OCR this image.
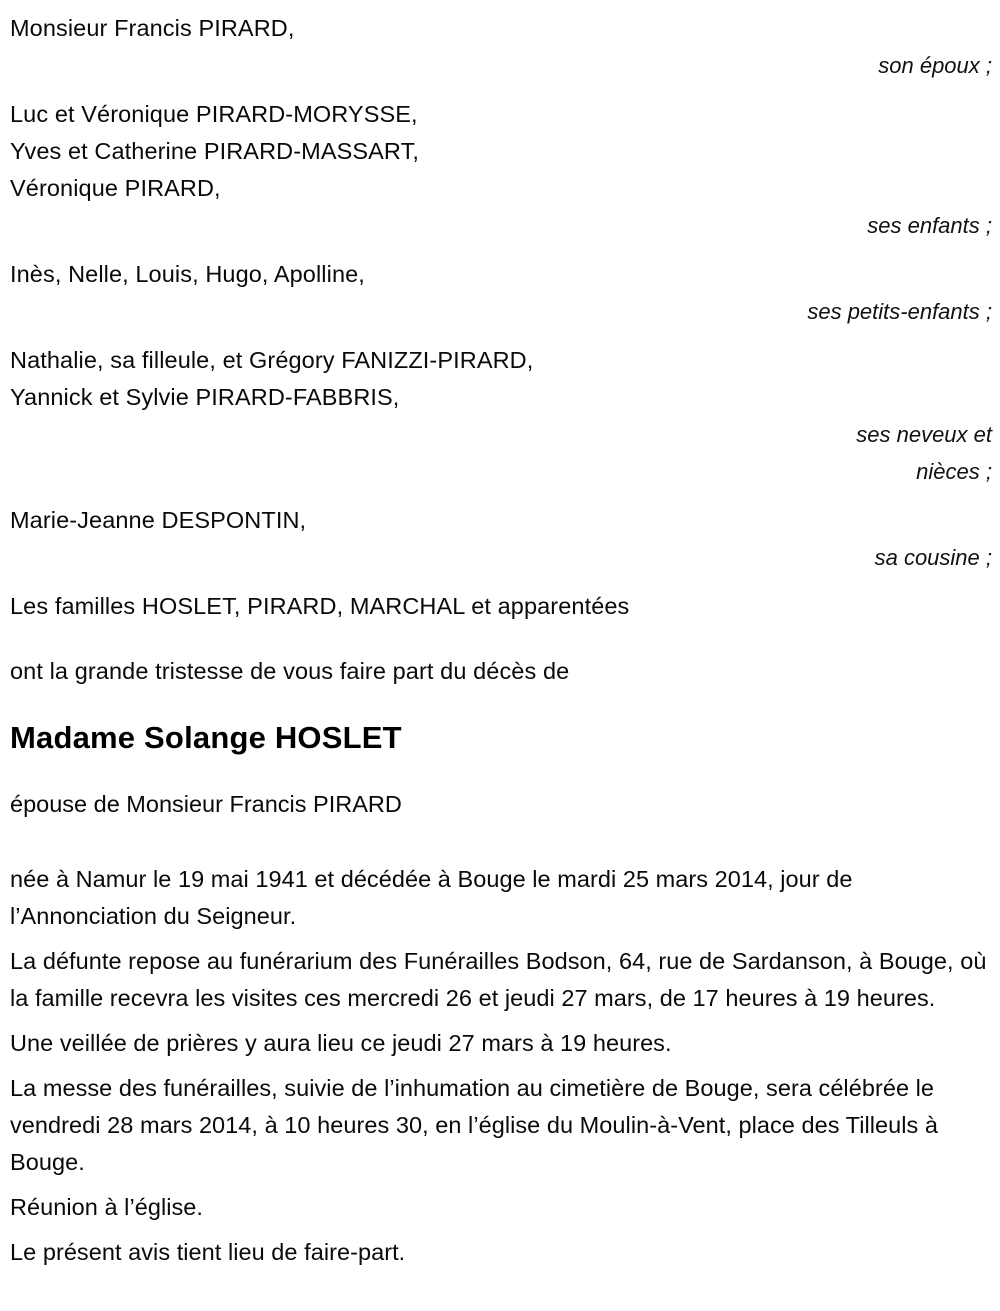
Monsieur Francis PIRARD,
son époux ;
Luc et Véronique PIRARD-MORYSSE,
Yves et Catherine PIRARD-MASSART,
Véronique PIRARD,
ses enfants ;
Inès, Nelle, Louis, Hugo, Apolline,
ses petits-enfants ;
Nathalie, sa filleule, et Grégory FANIZZI-PIRARD,
Yannick et Sylvie PIRARD-FABBRIS,
ses neveux et nièces ;
Marie-Jeanne DESPONTIN,
sa cousine ;
Les familles HOSLET, PIRARD, MARCHAL et apparentées
ont la grande tristesse de vous faire part du décès de
Madame Solange HOSLET
épouse de Monsieur Francis PIRARD
née à Namur le 19 mai 1941 et décédée à Bouge le mardi 25 mars 2014, jour de l’Annonciation du Seigneur.
La défunte repose au funérarium des Funérailles Bodson, 64, rue de Sardanson, à Bouge, où la famille recevra les visites ces mercredi 26 et jeudi 27 mars, de 17 heures à 19 heures.
Une veillée de prières y aura lieu ce jeudi 27 mars à 19 heures.
La messe des funérailles, suivie de l’inhumation au cimetière de Bouge, sera célébrée le vendredi 28 mars 2014, à 10 heures 30, en l’église du Moulin-à-Vent, place des Tilleuls à Bouge.
Réunion à l’église.
Le présent avis tient lieu de faire-part.
